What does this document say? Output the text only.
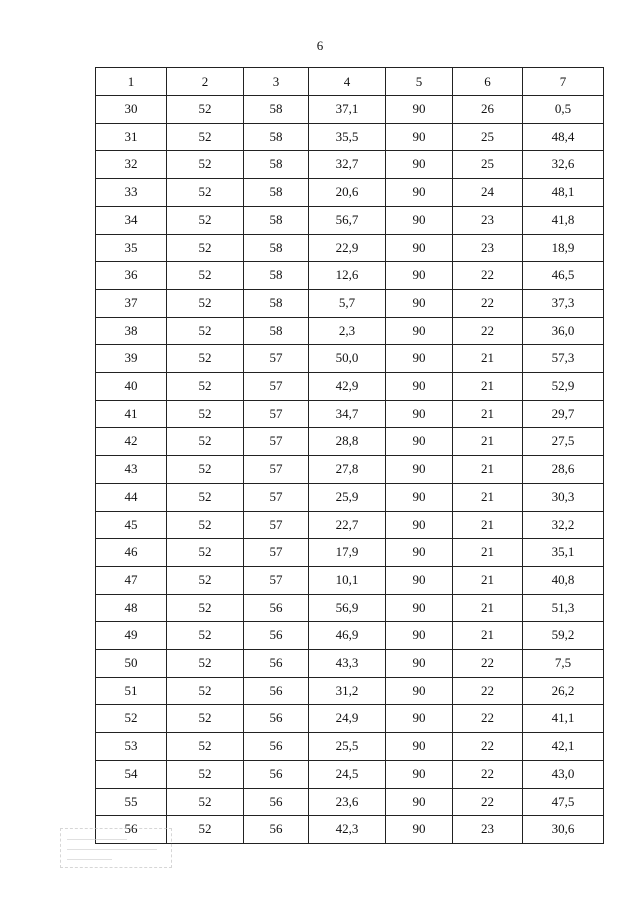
6
1	2	3	4	5	6	7
30	52	58	37,1	90	26	0,5
31	52	58	35,5	90	25	48,4
32	52	58	32,7	90	25	32,6
33	52	58	20,6	90	24	48,1
34	52	58	56,7	90	23	41,8
35	52	58	22,9	90	23	18,9
36	52	58	12,6	90	22	46,5
37	52	58	5,7	90	22	37,3
38	52	58	2,3	90	22	36,0
39	52	57	50,0	90	21	57,3
40	52	57	42,9	90	21	52,9
41	52	57	34,7	90	21	29,7
42	52	57	28,8	90	21	27,5
43	52	57	27,8	90	21	28,6
44	52	57	25,9	90	21	30,3
45	52	57	22,7	90	21	32,2
46	52	57	17,9	90	21	35,1
47	52	57	10,1	90	21	40,8
48	52	56	56,9	90	21	51,3
49	52	56	46,9	90	21	59,2
50	52	56	43,3	90	22	7,5
51	52	56	31,2	90	22	26,2
52	52	56	24,9	90	22	41,1
53	52	56	25,5	90	22	42,1
54	52	56	24,5	90	22	43,0
55	52	56	23,6	90	22	47,5
56	52	56	42,3	90	23	30,6
